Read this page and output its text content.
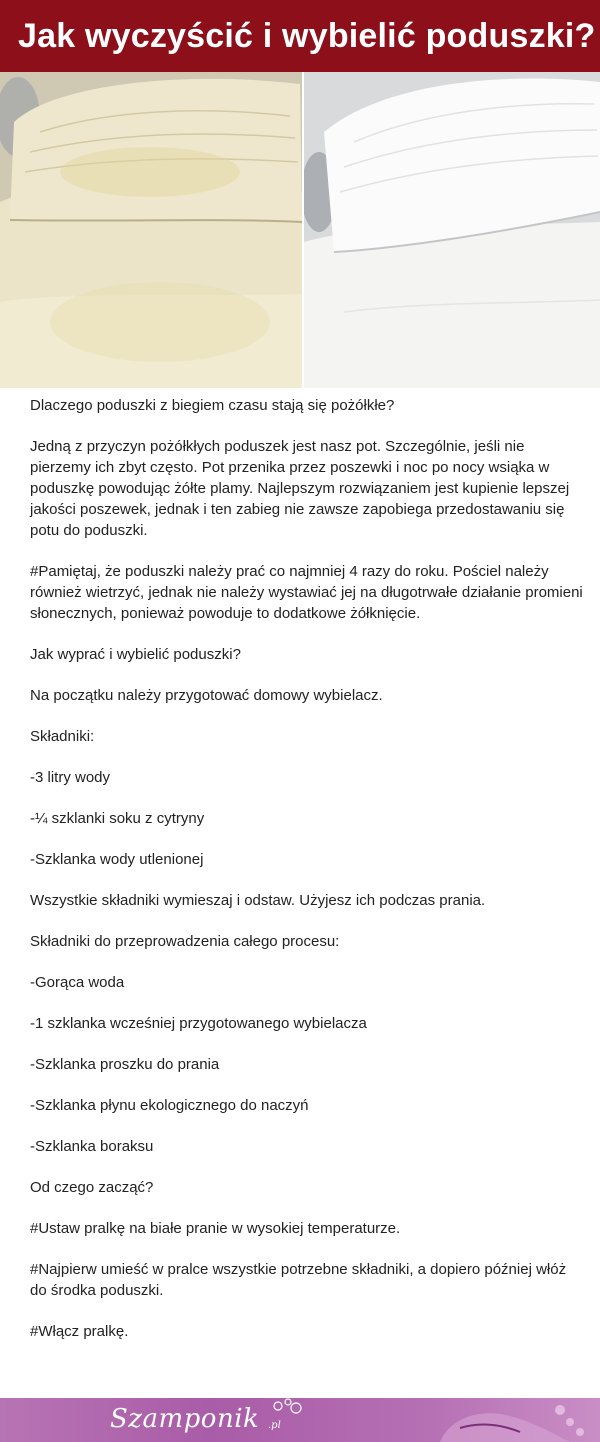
Jak wyczyścić i wybielić poduszki?

Dlaczego poduszki z biegiem czasu stają się pożółkłe?

Jedną z przyczyn pożółkłych poduszek jest nasz pot. Szczególnie, jeśli nie pierzemy ich zbyt często. Pot przenika przez poszewki i noc po nocy wsiąka w poduszkę powodując żółte plamy. Najlepszym rozwiązaniem jest kupienie lepszej jakości poszewek, jednak i ten zabieg nie zawsze zapobiega przedostawaniu się potu do poduszki.

#Pamiętaj, że poduszki należy prać co najmniej 4 razy do roku. Pościel należy również wietrzyć, jednak nie należy wystawiać jej na długotrwałe działanie promieni słonecznych, ponieważ powoduje to dodatkowe żółknięcie.

Jak wyprać i wybielić poduszki?

Na początku należy przygotować domowy wybielacz.

Składniki:

-3 litry wody

-¼ szklanki soku z cytryny

-Szklanka wody utlenionej

Wszystkie składniki wymieszaj i odstaw. Użyjesz ich podczas prania.

Składniki do przeprowadzenia całego procesu:

-Gorąca woda

-1 szklanka wcześniej przygotowanego wybielacza

-Szklanka proszku do prania

-Szklanka płynu ekologicznego do naczyń

-Szklanka boraksu

Od czego zacząć?

#Ustaw pralkę na białe pranie w wysokiej temperaturze.

#Najpierw umieść w pralce wszystkie potrzebne składniki, a dopiero później włóż do środka poduszki.

#Włącz pralkę.

Szamponik .pl
